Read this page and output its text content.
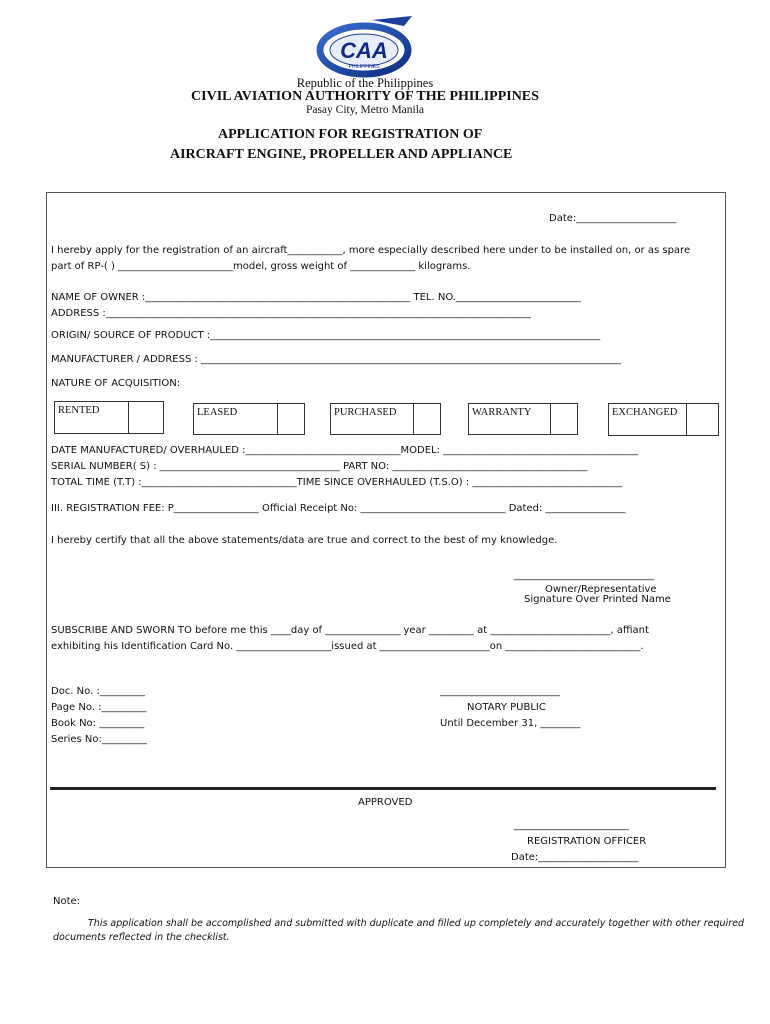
CAA
PHILIPPINES
Republic of the Philippines
CIVIL AVIATION AUTHORITY OF THE PHILIPPINES
Pasay City, Metro Manila
APPLICATION FOR REGISTRATION OF
AIRCRAFT ENGINE, PROPELLER AND APPLIANCE
Date:____________________
I hereby apply for the registration of an aircraft___________, more especially described here under to be installed on, or as spare
part of RP-( ) _______________________model, gross weight of _____________ kilograms.
NAME OF OWNER :_____________________________________________________ TEL. NO._________________________
ADDRESS :_____________________________________________________________________________________
ORIGIN/ SOURCE OF PRODUCT :______________________________________________________________________________
MANUFACTURER / ADDRESS : ____________________________________________________________________________________
NATURE OF ACQUISITION:
RENTED	LEASED	PURCHASED	WARRANTY	EXCHANGED
DATE MANUFACTURED/ OVERHAULED :_______________________________MODEL: _______________________________________
SERIAL NUMBER( S) : ____________________________________ PART NO: _______________________________________
TOTAL TIME (T.T) :_______________________________TIME SINCE OVERHAULED (T.S.O) : ______________________________
III. REGISTRATION FEE: P_________________ Official Receipt No: _____________________________ Dated: ________________
I hereby certify that all the above statements/data are true and correct to the best of my knowledge.
____________________________
Owner/Representative
Signature Over Printed Name
SUBSCRIBE AND SWORN TO before me this ____day of _______________ year _________ at ________________________, affiant
exhibiting his Identification Card No. ___________________issued at ______________________on ___________________________.
Doc. No. :_________
Page No. :_________
Book No: _________
Series No:_________
________________________
NOTARY PUBLIC
Until December 31, ________
APPROVED
_______________________
REGISTRATION OFFICER
Date:____________________
Note:
This application shall be accomplished and submitted with duplicate and filled up completely and accurately together with other required
documents reflected in the checklist.
